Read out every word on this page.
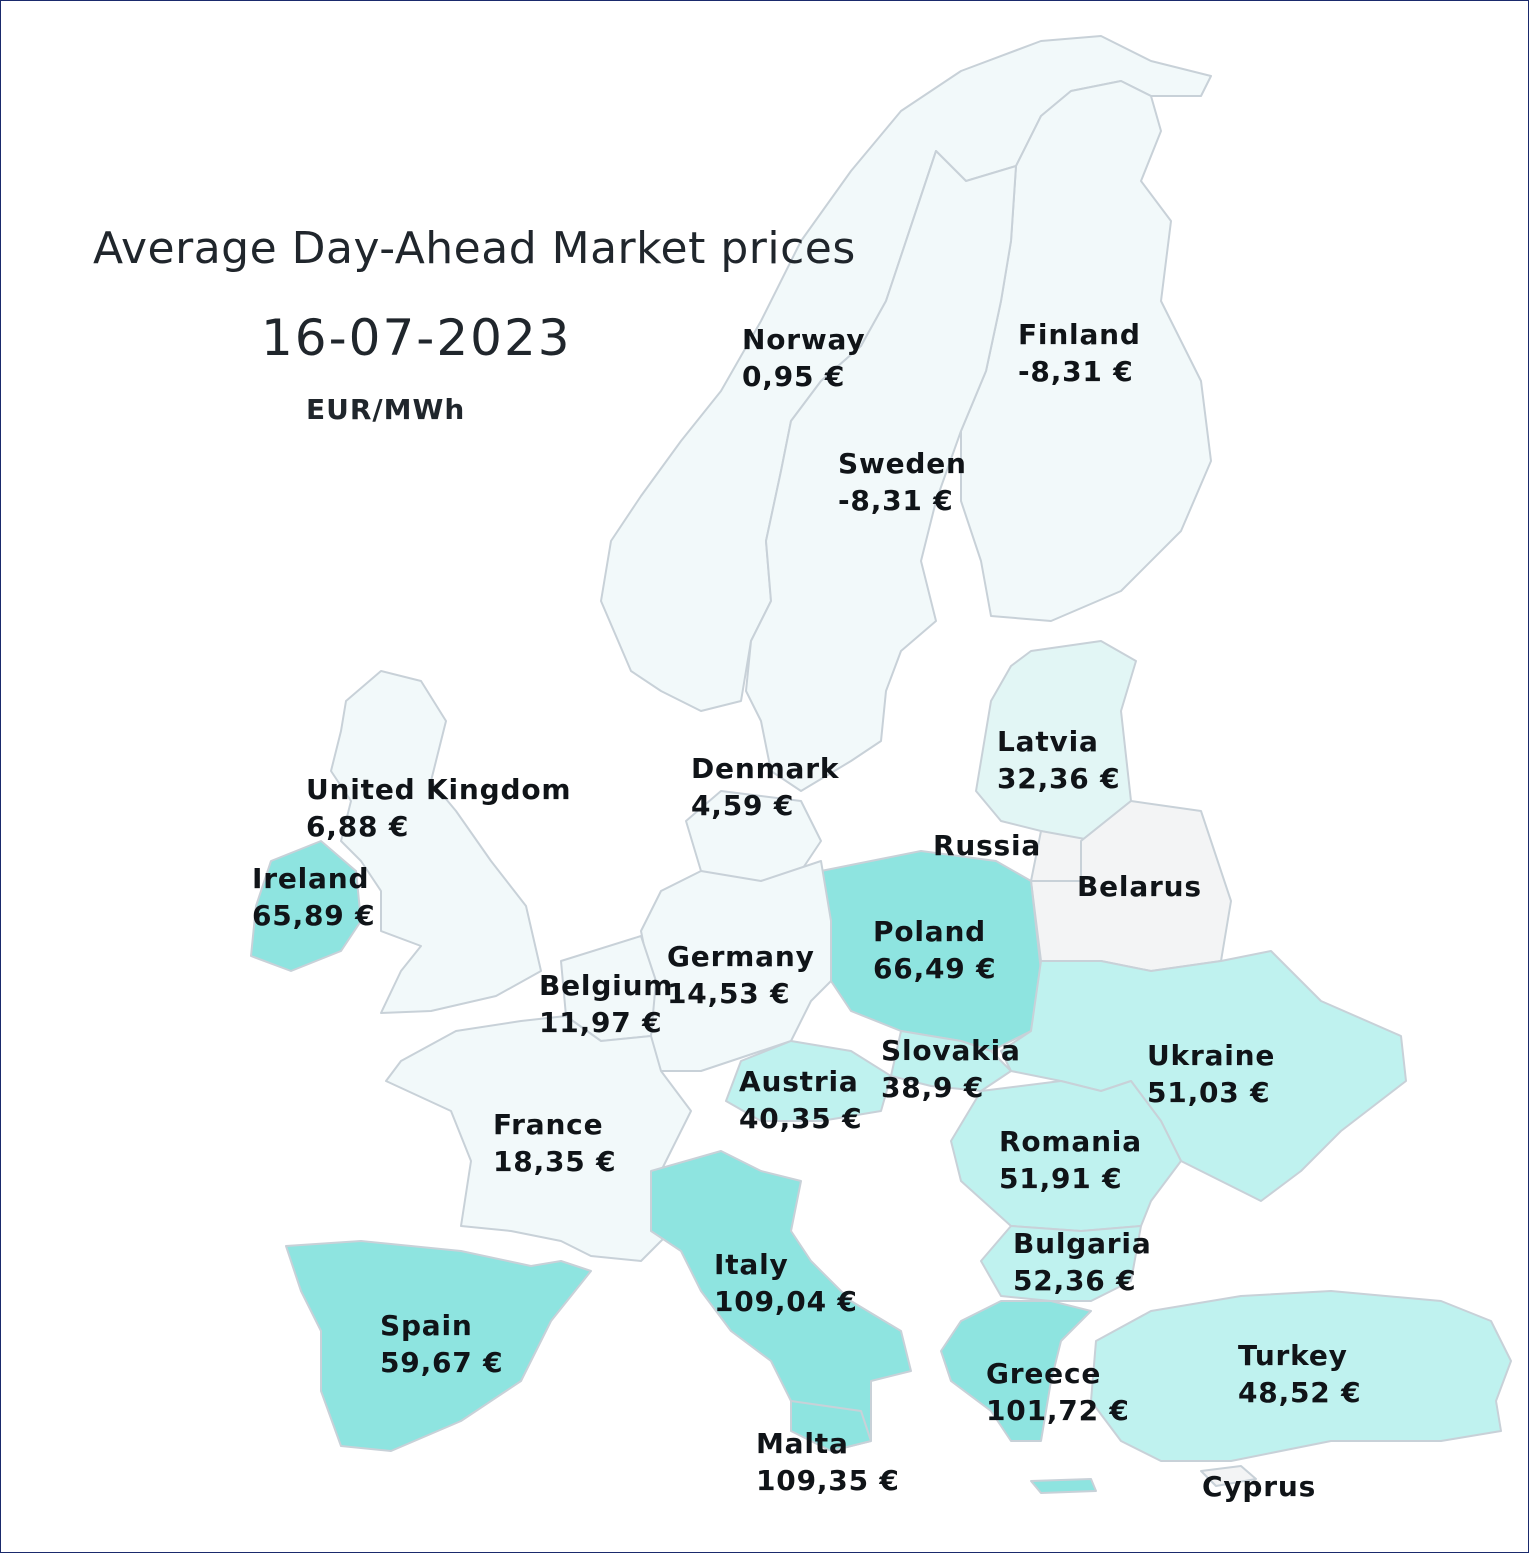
Average Day-Ahead Market prices
16-07-2023
EUR/MWh
Norway
0,95 €
Finland
-8,31 €
Sweden
-8,31 €
Latvia
32,36 €
Denmark
4,59 €
United Kingdom
6,88 €
Ireland
65,89 €
Russia
Belarus
Poland
66,49 €
Germany
14,53 €
Belgium
11,97 €
Slovakia
38,9 €
Ukraine
51,03 €
Austria
40,35 €
France
18,35 €
Romania
51,91 €
Bulgaria
52,36 €
Italy
109,04 €
Spain
59,67 €	Greece
101,72 €
Turkey
48,52 €
Malta
109,35 €	Cyprus
